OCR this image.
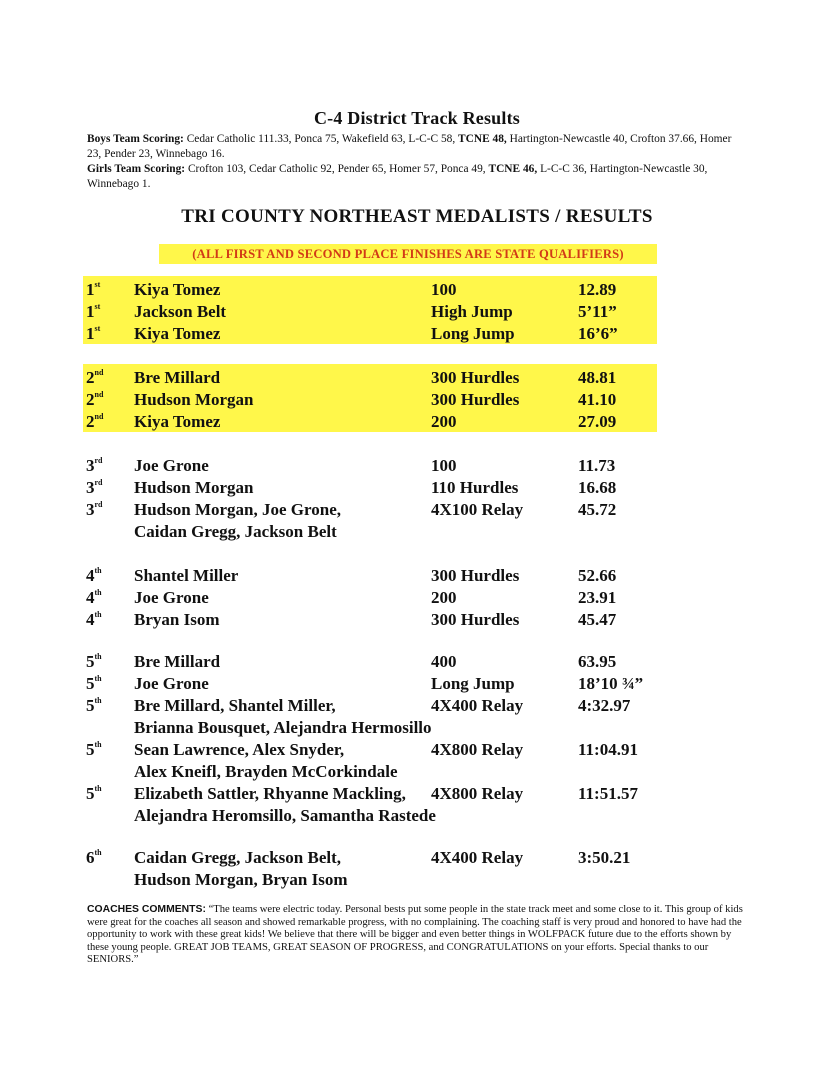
C-4 District Track Results
Boys Team Scoring: Cedar Catholic 111.33, Ponca 75, Wakefield 63, L-C-C 58, TCNE 48, Hartington-Newcastle 40, Crofton 37.66, Homer 23, Pender 23, Winnebago 16.
Girls Team Scoring: Crofton 103, Cedar Catholic 92, Pender 65, Homer 57, Ponca 49, TCNE 46, L-C-C 36, Hartington-Newcastle 30, Winnebago 1.
TRI COUNTY NORTHEAST MEDALISTS / RESULTS
(ALL FIRST AND SECOND PLACE FINISHES ARE STATE QUALIFIERS)
1st Kiya Tomez	100	12.89
1st Jackson Belt	High Jump	5’11”
1st Kiya Tomez	Long Jump	16’6”
2nd Bre Millard	300 Hurdles	48.81
2nd Hudson Morgan	300 Hurdles	41.10
2nd Kiya Tomez	200	27.09
3rd Joe Grone	100	11.73
3rd Hudson Morgan	110 Hurdles	16.68
3rd Hudson Morgan, Joe Grone,	4X100 Relay	45.72
Caidan Gregg, Jackson Belt
4th Shantel Miller	300 Hurdles	52.66
4th Joe Grone	200	23.91
4th Bryan Isom	300 Hurdles	45.47
5th Bre Millard	400	63.95
5th Joe Grone	Long Jump	18’10 ¾”
5th Bre Millard, Shantel Miller,	4X400 Relay	4:32.97
Brianna Bousquet, Alejandra Hermosillo
5th Sean Lawrence, Alex Snyder,	4X800 Relay	11:04.91
Alex Kneifl, Brayden McCorkindale
5th Elizabeth Sattler, Rhyanne Mackling, 4X800 Relay	11:51.57
Alejandra Heromsillo, Samantha Rastede
6th Caidan Gregg, Jackson Belt,	4X400 Relay	3:50.21
Hudson Morgan, Bryan Isom
COACHES COMMENTS: “The teams were electric today. Personal bests put some people in the state track meet and some close to it. This group of kids were great for the coaches all season and showed remarkable progress, with no complaining. The coaching staff is very proud and honored to have had the opportunity to work with these great kids! We believe that there will be bigger and even better things in WOLFPACK future due to the efforts shown by these young people. GREAT JOB TEAMS, GREAT SEASON OF PROGRESS, and CONGRATULATIONS on your efforts. Special thanks to our SENIORS.”
